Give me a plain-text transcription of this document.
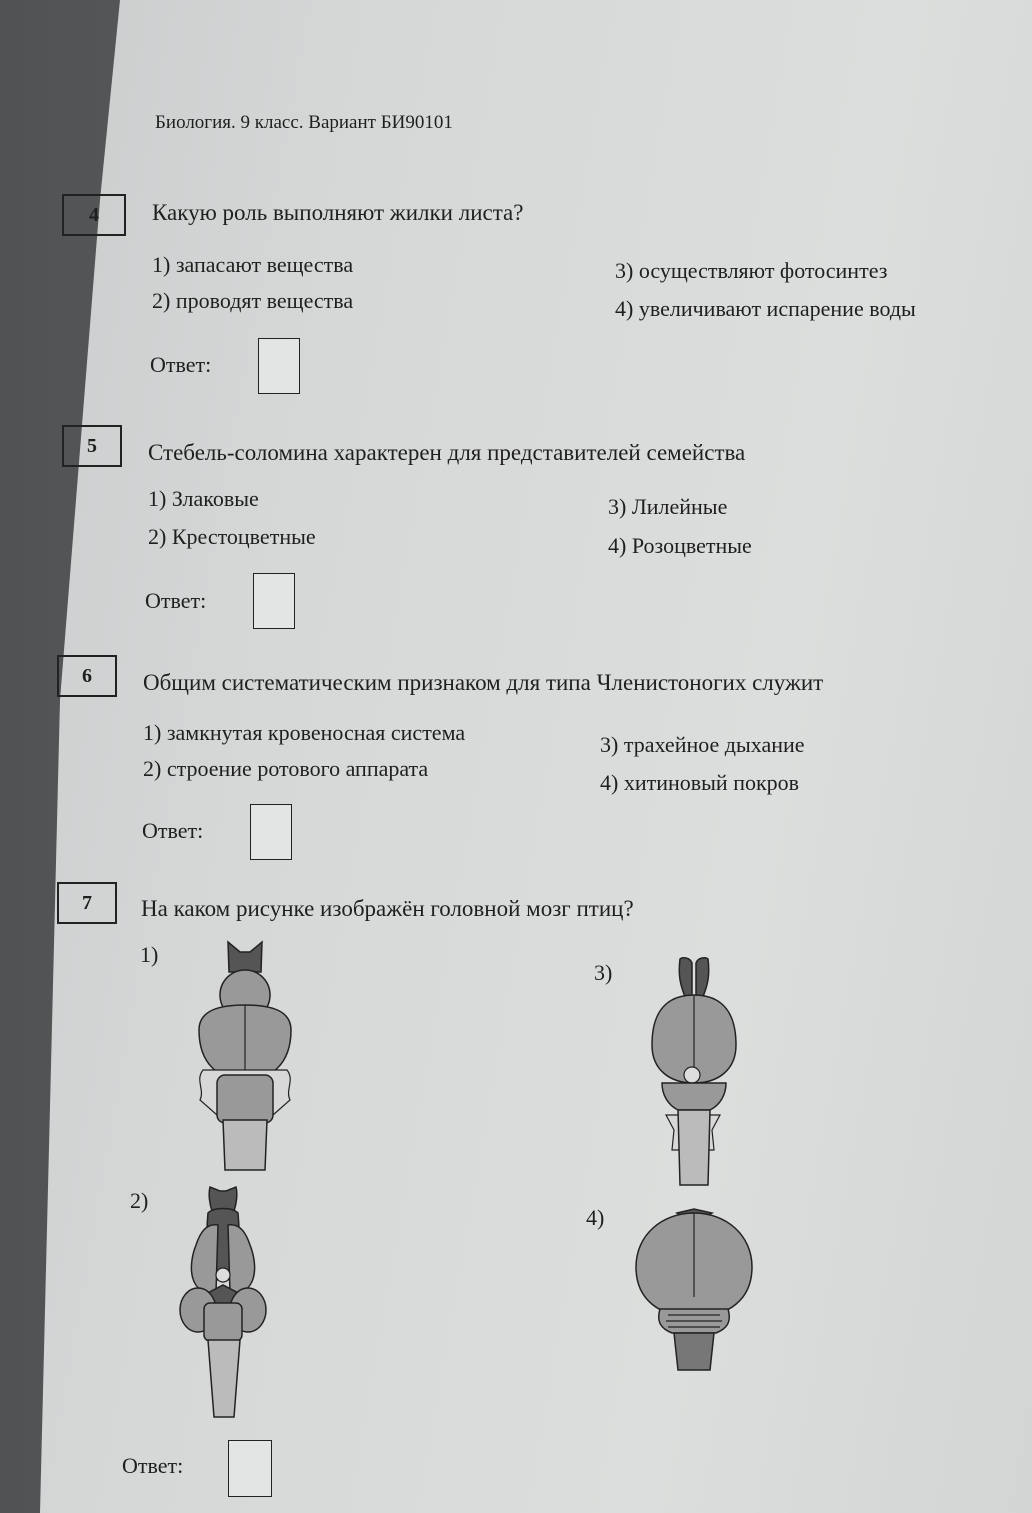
Биология. 9 класс. Вариант БИ90101
4	Какую роль выполняют жилки листа?
1) запасают вещества
2) проводят вещества
3) осуществляют фотосинтез
4) увеличивают испарение воды
Ответ:
5	Стебель-соломина характерен для представителей семейства
1) Злаковые
2) Крестоцветные
3) Лилейные
4) Розоцветные
Ответ:
6	Общим систематическим признаком для типа Членистоногих служит
1) замкнутая кровеносная система
2) строение ротового аппарата
3) трахейное дыхание
4) хитиновый покров
Ответ:
7	На каком рисунке изображён головной мозг птиц?
1)
2)
3)
4)
Ответ:
